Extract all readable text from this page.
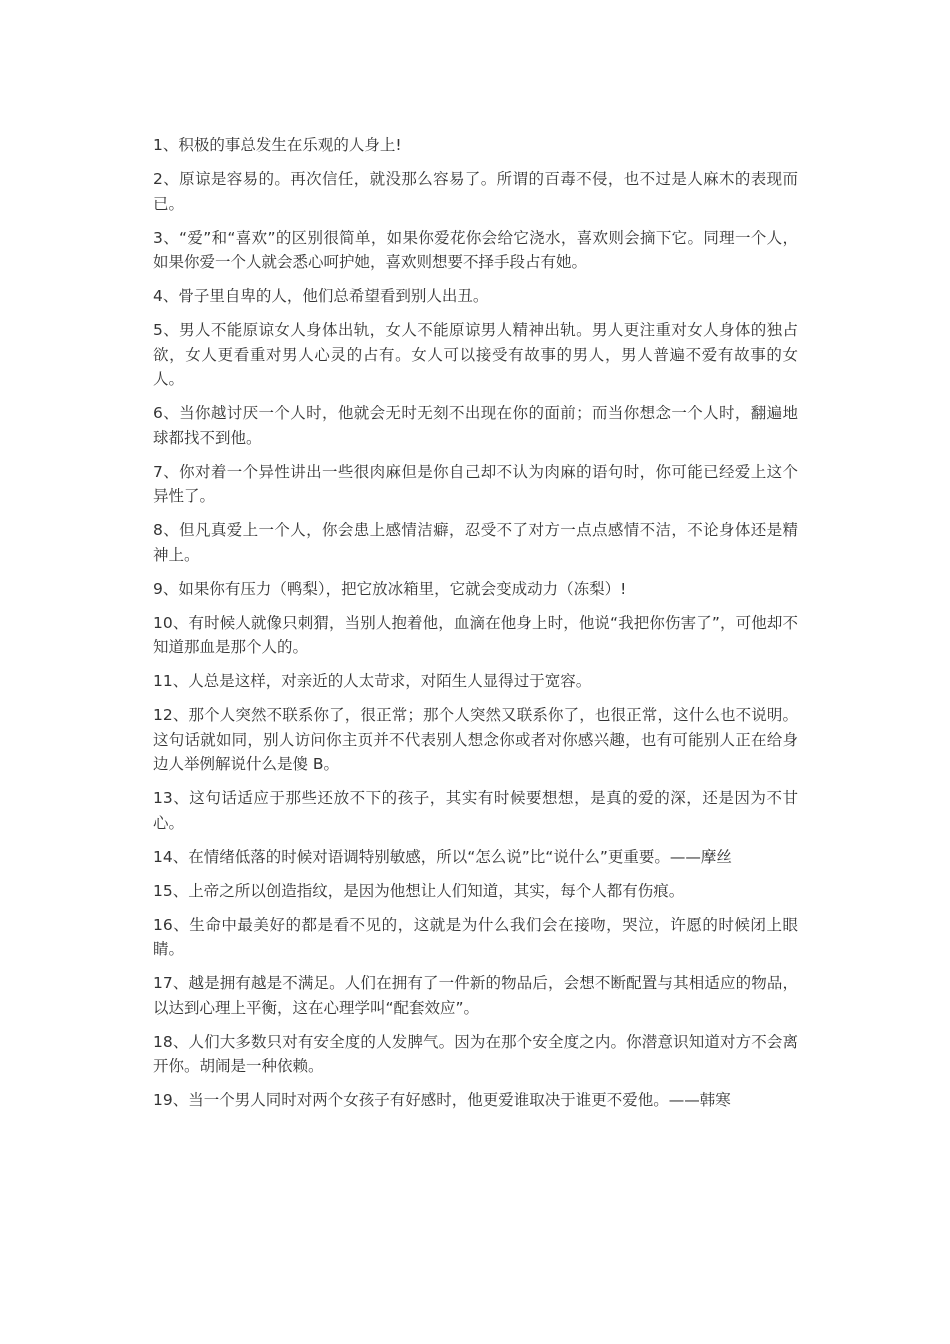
1、积极的事总发生在乐观的人身上!

2、原谅是容易的。再次信任，就没那么容易了。所谓的百毒不侵，也不过是人麻木的表现而已。

3、“爱”和“喜欢”的区别很简单，如果你爱花你会给它浇水，喜欢则会摘下它。同理一个人，如果你爱一个人就会悉心呵护她，喜欢则想要不择手段占有她。

4、骨子里自卑的人，他们总希望看到别人出丑。

5、男人不能原谅女人身体出轨，女人不能原谅男人精神出轨。男人更注重对女人身体的独占欲，女人更看重对男人心灵的占有。女人可以接受有故事的男人，男人普遍不爱有故事的女人。

6、当你越讨厌一个人时，他就会无时无刻不出现在你的面前；而当你想念一个人时，翻遍地球都找不到他。

7、你对着一个异性讲出一些很肉麻但是你自己却不认为肉麻的语句时，你可能已经爱上这个异性了。

8、但凡真爱上一个人，你会患上感情洁癖，忍受不了对方一点点感情不洁，不论身体还是精神上。

9、如果你有压力（鸭梨），把它放冰箱里，它就会变成动力（冻梨）!

10、有时候人就像只刺猬，当别人抱着他，血滴在他身上时，他说“我把你伤害了”，可他却不知道那血是那个人的。

11、人总是这样，对亲近的人太苛求，对陌生人显得过于宽容。

12、那个人突然不联系你了，很正常；那个人突然又联系你了，也很正常，这什么也不说明。这句话就如同，别人访问你主页并不代表别人想念你或者对你感兴趣，也有可能别人正在给身边人举例解说什么是傻 B。

13、这句话适应于那些还放不下的孩子，其实有时候要想想，是真的爱的深，还是因为不甘心。

14、在情绪低落的时候对语调特别敏感，所以“怎么说”比“说什么”更重要。——摩丝

15、上帝之所以创造指纹，是因为他想让人们知道，其实，每个人都有伤痕。

16、生命中最美好的都是看不见的，这就是为什么我们会在接吻，哭泣，许愿的时候闭上眼睛。

17、越是拥有越是不满足。人们在拥有了一件新的物品后，会想不断配置与其相适应的物品，以达到心理上平衡，这在心理学叫“配套效应”。

18、人们大多数只对有安全度的人发脾气。因为在那个安全度之内。你潜意识知道对方不会离开你。胡闹是一种依赖。

19、当一个男人同时对两个女孩子有好感时，他更爱谁取决于谁更不爱他。——韩寒
